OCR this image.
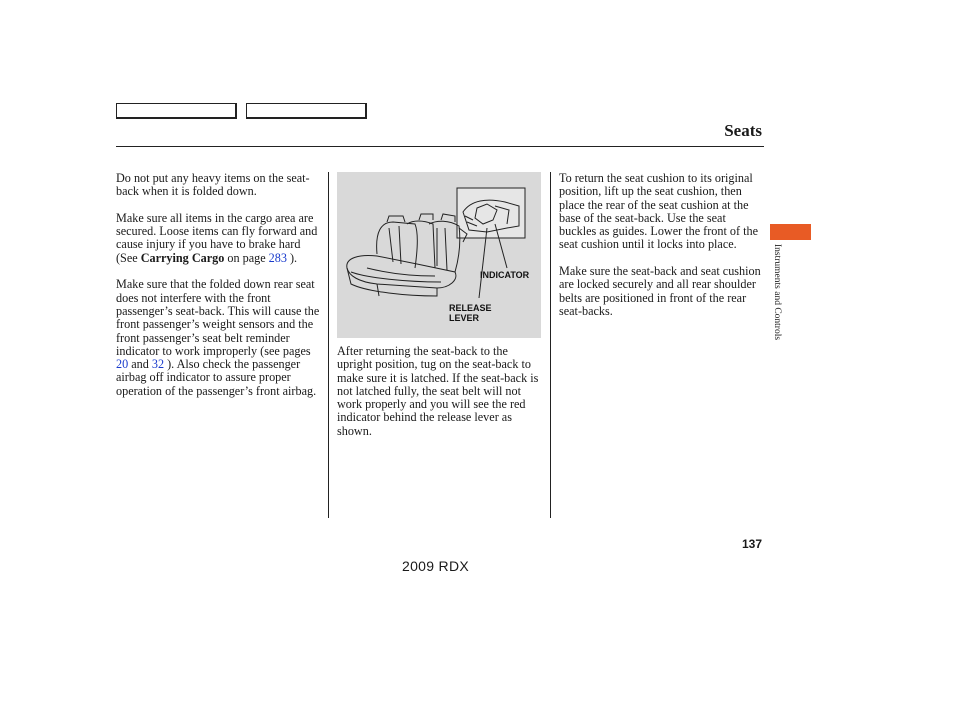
Seats

Do not put any heavy items on the seat-back when it is folded down.

Make sure all items in the cargo area are secured. Loose items can fly forward and cause injury if you have to brake hard (See Carrying Cargo on page 283 ).

Make sure that the folded down rear seat does not interfere with the front passenger’s seat-back. This will cause the front passenger’s weight sensors and the front passenger’s seat belt reminder indicator to work improperly (see pages 20 and 32 ). Also check the passenger airbag off indicator to assure proper operation of the passenger’s front airbag.

INDICATOR
RELEASE LEVER

After returning the seat-back to the upright position, tug on the seat-back to make sure it is latched. If the seat-back is not latched fully, the seat belt will not work properly and you will see the red indicator behind the release lever as shown.

To return the seat cushion to its original position, lift up the seat cushion, then place the rear of the seat cushion at the base of the seat-back. Use the seat buckles as guides. Lower the front of the seat cushion until it locks into place.

Make sure the seat-back and seat cushion are locked securely and all rear shoulder belts are positioned in front of the rear seat-backs.	Instruments and Controls
137
2009 RDX
